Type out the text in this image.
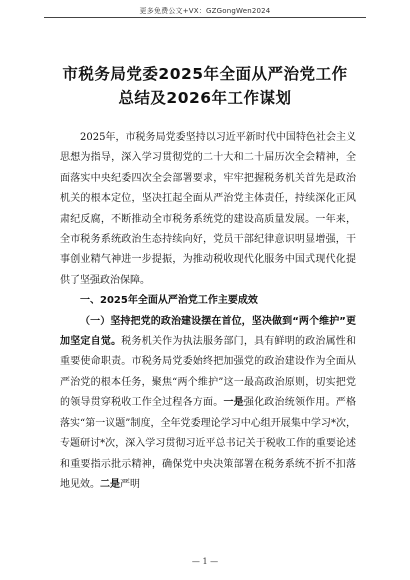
更多免费公文+VX：GZGongWen2024
市税务局党委2025年全面从严治党工作
总结及2026年工作谋划

2025年，市税务局党委坚持以习近平新时代中国特色社会主义思想为指导，深入学习贯彻党的二十大和二十届历次全会精神，全面落实中央纪委四次全会部署要求，牢牢把握税务机关首先是政治机关的根本定位，坚决扛起全面从严治党主体责任，持续深化正风肃纪反腐，不断推动全市税务系统党的建设高质量发展。一年来，全市税务系统政治生态持续向好，党员干部纪律意识明显增强，干事创业精气神进一步提振，为推动税收现代化服务中国式现代化提供了坚强政治保障。

一、2025年全面从严治党工作主要成效

（一）坚持把党的政治建设摆在首位，坚决做到“两个维护”更加坚定自觉。税务机关作为执法服务部门，具有鲜明的政治属性和重要使命职责。市税务局党委始终把加强党的政治建设作为全面从严治党的根本任务，聚焦“两个维护”这一最高政治原则，切实把党的领导贯穿税收工作全过程各方面。一是强化政治统领作用。严格落实“第一议题”制度，全年党委理论学习中心组开展集中学习*次，专题研讨*次，深入学习贯彻习近平总书记关于税收工作的重要论述和重要指示批示精神，确保党中央决策部署在税务系统不折不扣落地见效。二是严明

— 1 —
